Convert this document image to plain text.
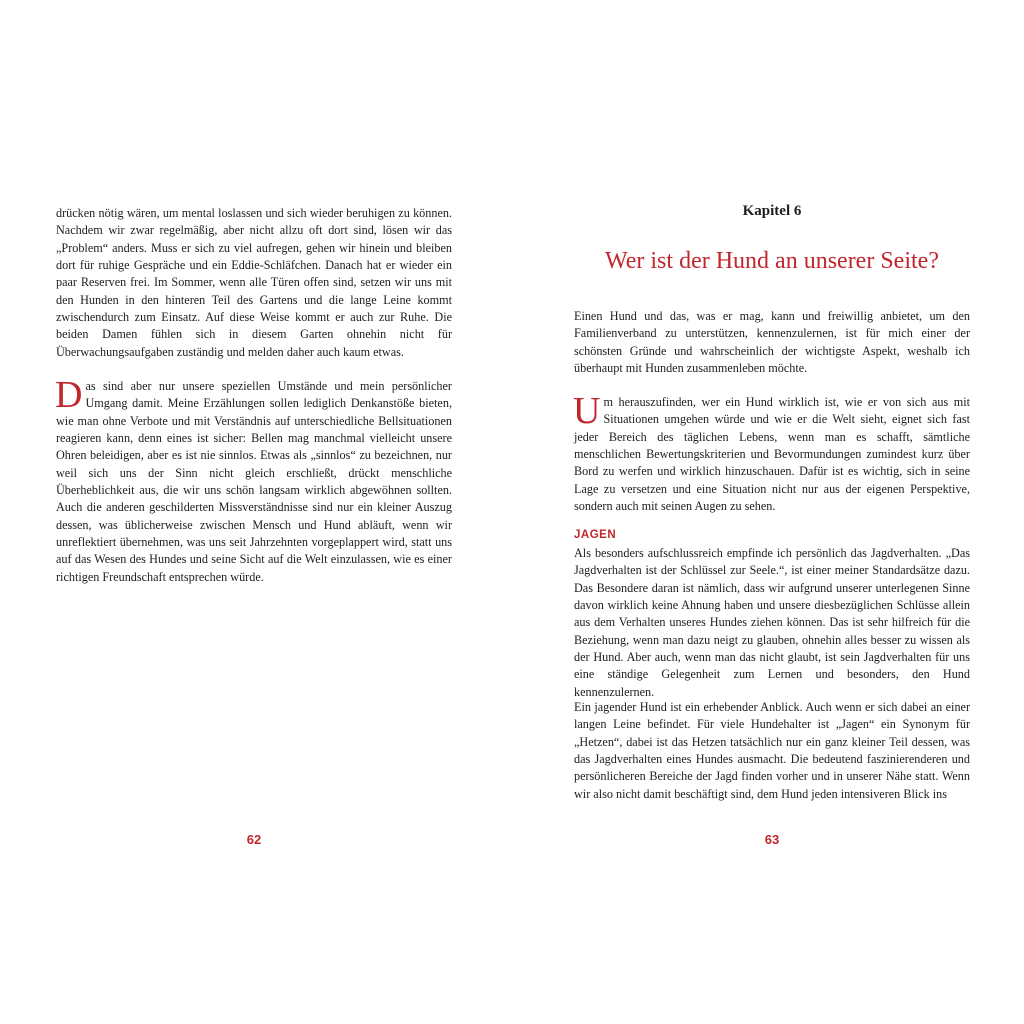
drücken nötig wären, um mental loslassen und sich wieder beruhigen zu können. Nachdem wir zwar regelmäßig, aber nicht allzu oft dort sind, lösen wir das „Problem“ anders. Muss er sich zu viel aufregen, gehen wir hinein und bleiben dort für ruhige Gespräche und ein Eddie-Schläfchen. Danach hat er wieder ein paar Reserven frei. Im Sommer, wenn alle Türen offen sind, setzen wir uns mit den Hunden in den hinteren Teil des Gartens und die lange Leine kommt zwischendurch zum Einsatz. Auf diese Weise kommt er auch zur Ruhe. Die beiden Damen fühlen sich in diesem Garten ohnehin nicht für Überwachungsaufgaben zuständig und melden daher auch kaum etwas.

Das sind aber nur unsere speziellen Umstände und mein persönlicher Umgang damit. Meine Erzählungen sollen lediglich Denkanstöße bieten, wie man ohne Verbote und mit Verständnis auf unterschiedliche Bellsituationen reagieren kann, denn eines ist sicher: Bellen mag manchmal vielleicht unsere Ohren beleidigen, aber es ist nie sinnlos. Etwas als „sinnlos“ zu bezeichnen, nur weil sich uns der Sinn nicht gleich erschließt, drückt menschliche Überheblichkeit aus, die wir uns schön langsam wirklich abgewöhnen sollten. Auch die anderen geschilderten Missverständnisse sind nur ein kleiner Auszug dessen, was üblicherweise zwischen Mensch und Hund abläuft, wenn wir unreflektiert übernehmen, was uns seit Jahrzehnten vorgeplappert wird, statt uns auf das Wesen des Hundes und seine Sicht auf die Welt einzulassen, wie es einer richtigen Freundschaft entsprechen würde.

62
Kapitel 6
Wer ist der Hund an unserer Seite?

Einen Hund und das, was er mag, kann und freiwillig anbietet, um den Familienverband zu unterstützen, kennenzulernen, ist für mich einer der schönsten Gründe und wahrscheinlich der wichtigste Aspekt, weshalb ich überhaupt mit Hunden zusammenleben möchte.

Um herauszufinden, wer ein Hund wirklich ist, wie er von sich aus mit Situationen umgehen würde und wie er die Welt sieht, eignet sich fast jeder Bereich des täglichen Lebens, wenn man es schafft, sämtliche menschlichen Bewertungskriterien und Bevormundungen zumindest kurz über Bord zu werfen und wirklich hinzuschauen. Dafür ist es wichtig, sich in seine Lage zu versetzen und eine Situation nicht nur aus der eigenen Perspektive, sondern auch mit seinen Augen zu sehen.

JAGEN

Als besonders aufschlussreich empfinde ich persönlich das Jagdverhalten. „Das Jagdverhalten ist der Schlüssel zur Seele.“, ist einer meiner Standardsätze dazu. Das Besondere daran ist nämlich, dass wir aufgrund unserer unterlegenen Sinne davon wirklich keine Ahnung haben und unsere diesbezüglichen Schlüsse allein aus dem Verhalten unseres Hundes ziehen können. Das ist sehr hilfreich für die Beziehung, wenn man dazu neigt zu glauben, ohnehin alles besser zu wissen als der Hund. Aber auch, wenn man das nicht glaubt, ist sein Jagdverhalten für uns eine ständige Gelegenheit zum Lernen und besonders, den Hund kennenzulernen.

Ein jagender Hund ist ein erhebender Anblick. Auch wenn er sich dabei an einer langen Leine befindet. Für viele Hundehalter ist „Jagen“ ein Synonym für „Hetzen“, dabei ist das Hetzen tatsächlich nur ein ganz kleiner Teil dessen, was das Jagdverhalten eines Hundes ausmacht. Die bedeutend faszinierenderen und persönlicheren Bereiche der Jagd finden vorher und in unserer Nähe statt. Wenn wir also nicht damit beschäftigt sind, dem Hund jeden intensiveren Blick ins

63
